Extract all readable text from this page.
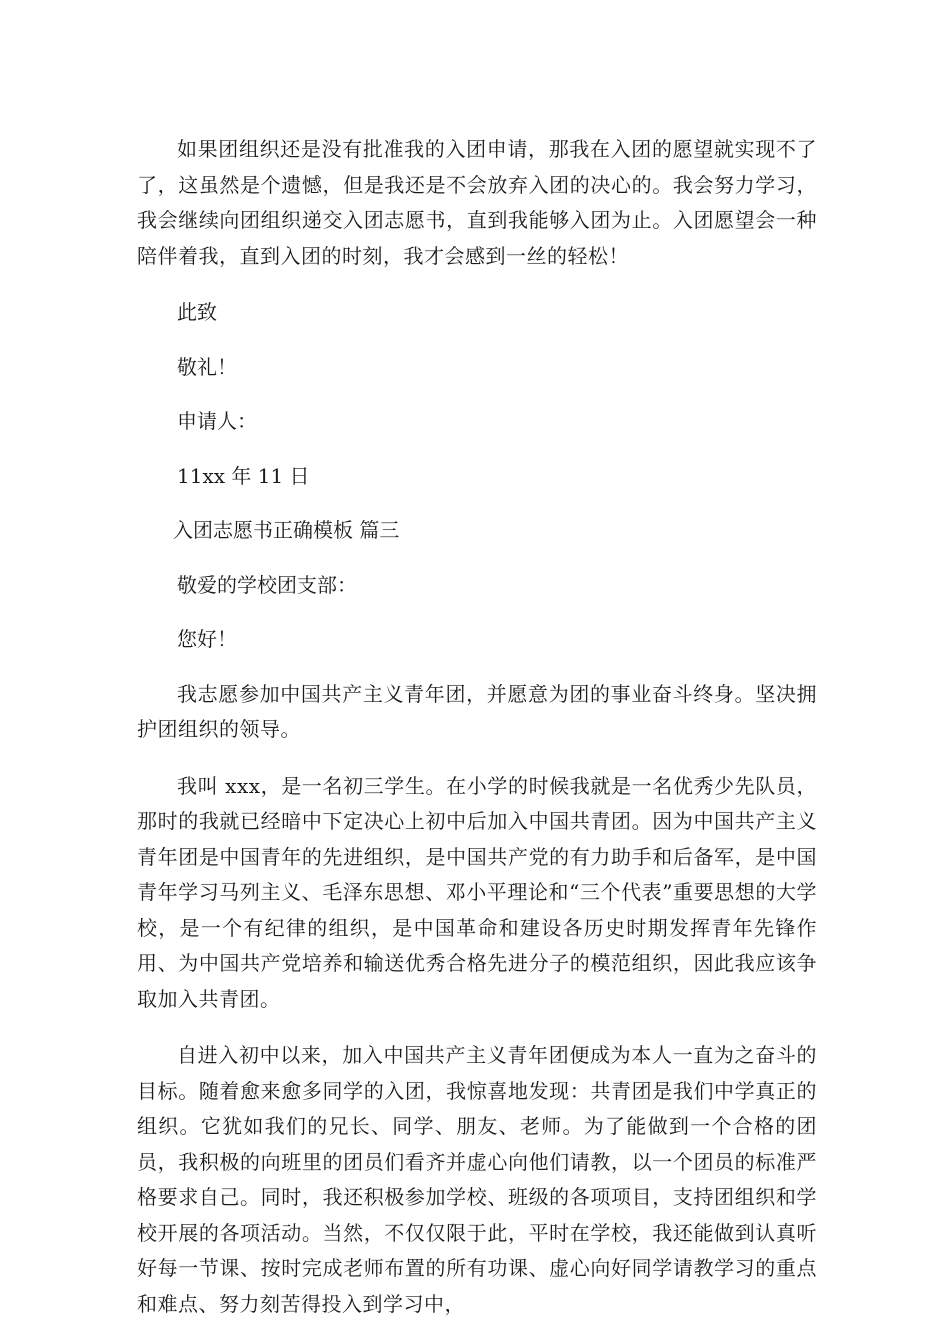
如果团组织还是没有批准我的入团申请，那我在入团的愿望就实现不了了，这虽然是个遗憾，但是我还是不会放弃入团的决心的。我会努力学习，我会继续向团组织递交入团志愿书，直到我能够入团为止。入团愿望会一种陪伴着我，直到入团的时刻，我才会感到一丝的轻松！

此致

敬礼！

申请人：

11xx 年 11 日

入团志愿书正确模板 篇三

敬爱的学校团支部：

您好！

我志愿参加中国共产主义青年团，并愿意为团的事业奋斗终身。坚决拥护团组织的领导。

我叫 xxx，是一名初三学生。在小学的时候我就是一名优秀少先队员，那时的我就已经暗中下定决心上初中后加入中国共青团。因为中国共产主义青年团是中国青年的先进组织，是中国共产党的有力助手和后备军，是中国青年学习马列主义、毛泽东思想、邓小平理论和“三个代表”重要思想的大学校，是一个有纪律的组织，是中国革命和建设各历史时期发挥青年先锋作用、为中国共产党培养和输送优秀合格先进分子的模范组织，因此我应该争取加入共青团。

自进入初中以来，加入中国共产主义青年团便成为本人一直为之奋斗的目标。随着愈来愈多同学的入团，我惊喜地发现：共青团是我们中学真正的组织。它犹如我们的兄长、同学、朋友、老师。为了能做到一个合格的团员，我积极的向班里的团员们看齐并虚心向他们请教，以一个团员的标准严格要求自己。同时，我还积极参加学校、班级的各项项目，支持团组织和学校开展的各项活动。当然，不仅仅限于此，平时在学校，我还能做到认真听好每一节课、按时完成老师布置的所有功课、虚心向好同学请教学习的重点和难点、努力刻苦得投入到学习中，
